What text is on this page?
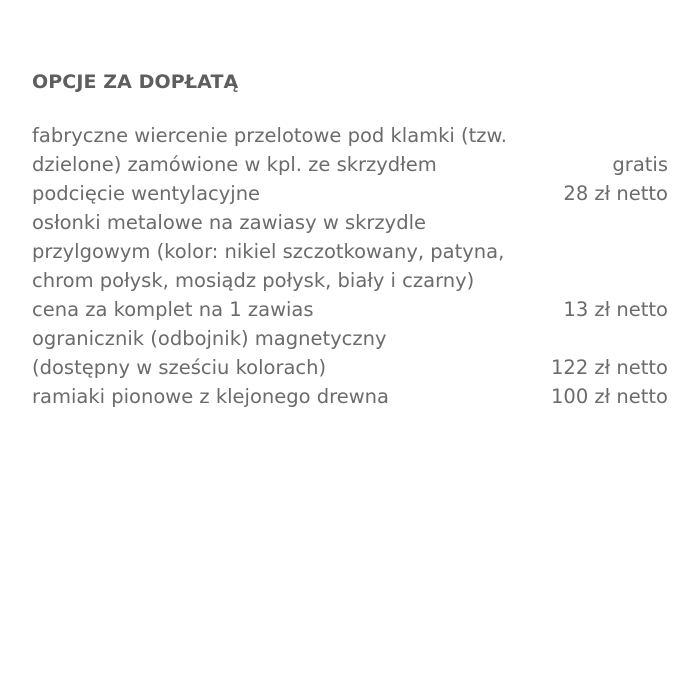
OPCJE ZA DOPŁATĄ
fabryczne wiercenie przelotowe pod klamki (tzw.
dzielone) zamówione w kpl. ze skrzydłem	gratis
podcięcie wentylacyjne	28 zł netto
osłonki metalowe na zawiasy w skrzydle
przylgowym (kolor: nikiel szczotkowany, patyna,
chrom połysk, mosiądz połysk, biały i czarny)
cena za komplet na 1 zawias	13 zł netto
ogranicznik (odbojnik) magnetyczny
(dostępny w sześciu kolorach)	122 zł netto
ramiaki pionowe z klejonego drewna	100 zł netto
